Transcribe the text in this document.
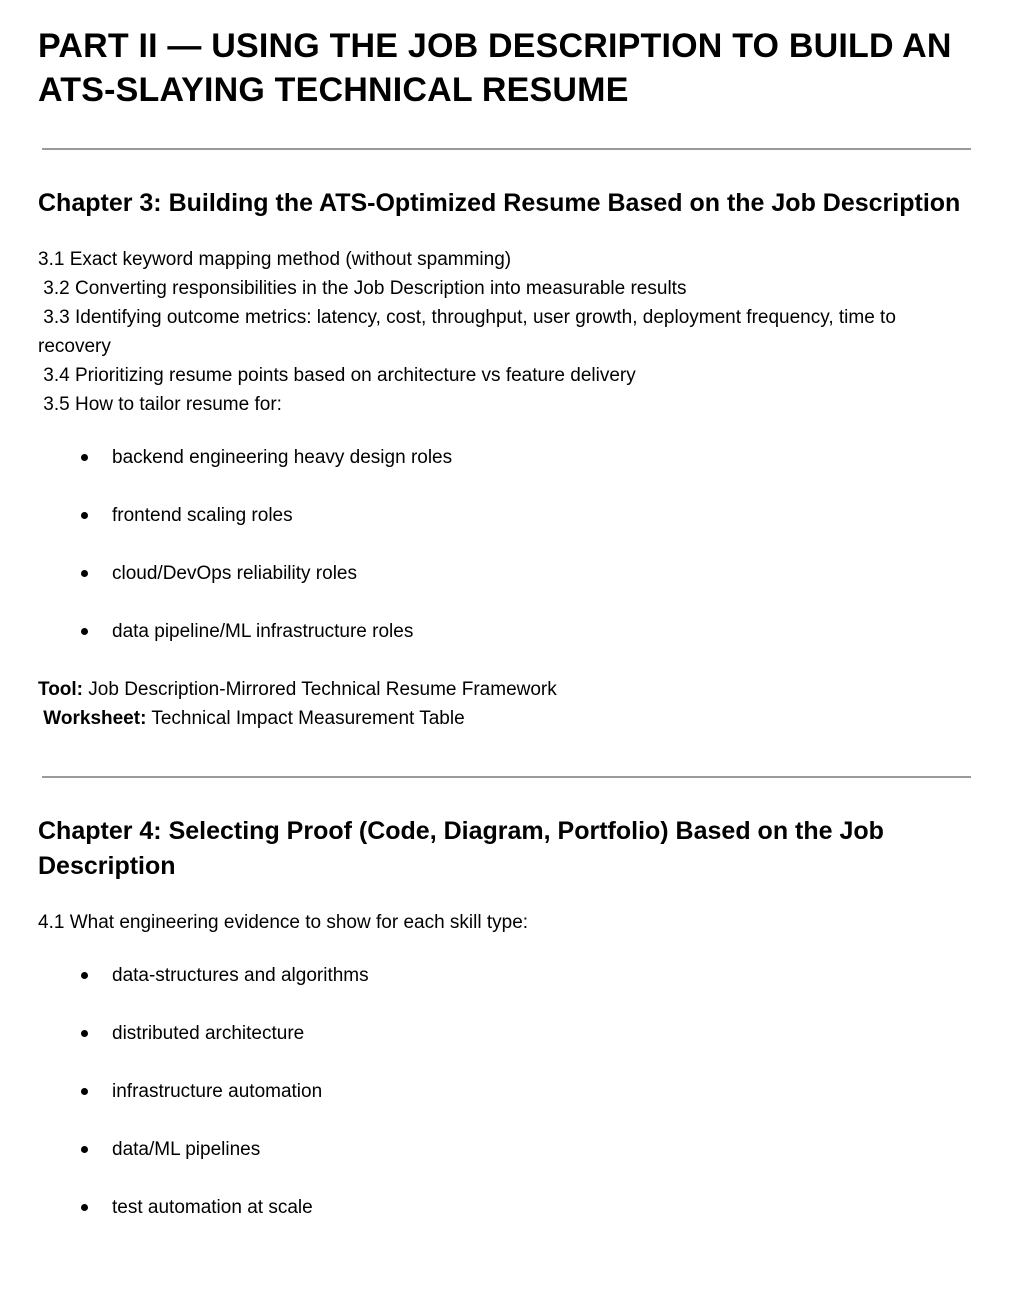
PART II — USING THE JOB DESCRIPTION TO BUILD AN ATS-SLAYING TECHNICAL RESUME
Chapter 3: Building the ATS-Optimized Resume Based on the Job Description

3.1 Exact keyword mapping method (without spamming)

3.2 Converting responsibilities in the Job Description into measurable results

3.3 Identifying outcome metrics: latency, cost, throughput, user growth, deployment frequency, time to recovery

3.4 Prioritizing resume points based on architecture vs feature delivery

3.5 How to tailor resume for:

backend engineering heavy design roles
frontend scaling roles
cloud/DevOps reliability roles
data pipeline/ML infrastructure roles

Tool: Job Description-Mirrored Technical Resume Framework

Worksheet: Technical Impact Measurement Table

Chapter 4: Selecting Proof (Code, Diagram, Portfolio) Based on the Job Description

4.1 What engineering evidence to show for each skill type:

data-structures and algorithms
distributed architecture
infrastructure automation
data/ML pipelines
test automation at scale
